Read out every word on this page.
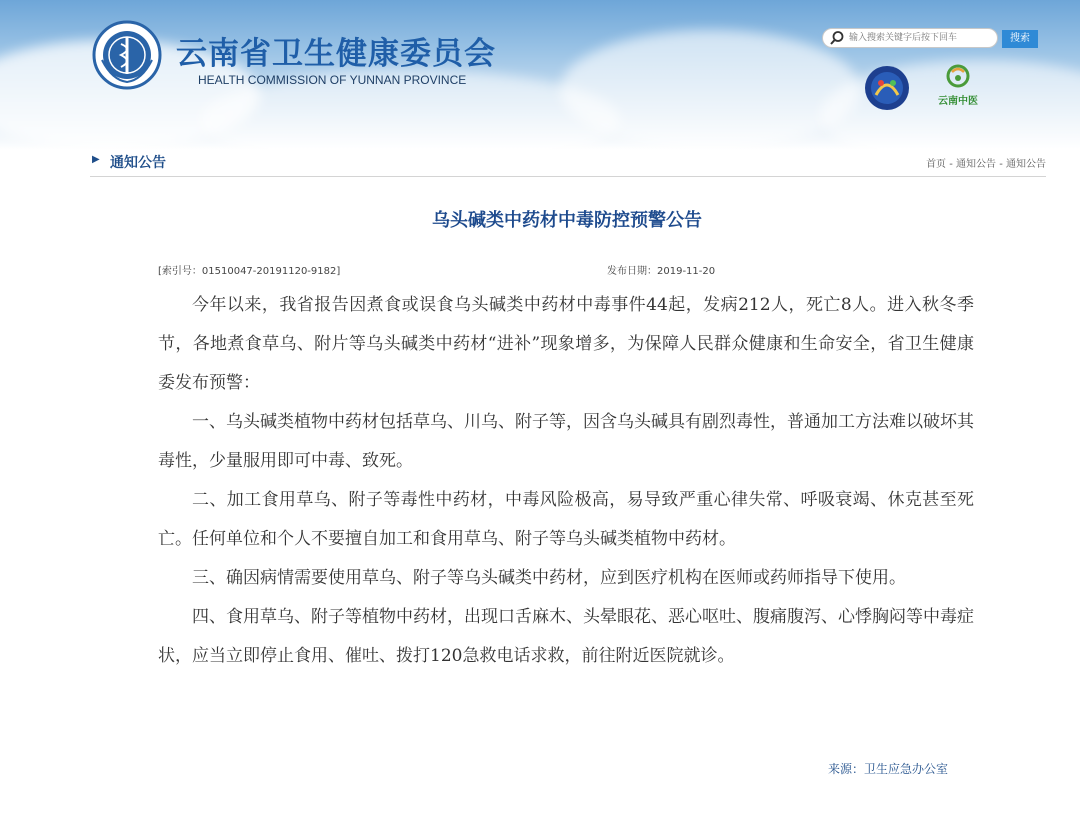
云南省卫生健康委员会
HEALTH COMMISSION OF YUNNAN PROVINCE
输入搜索关键字后按下回车
搜索
云南中医
▶ 通知公告	首页 - 通知公告 - 通知公告
乌头碱类中药材中毒防控预警公告
[索引号：01510047-20191120-9182]	发布日期：2019-11-20

今年以来，我省报告因煮食或误食乌头碱类中药材中毒事件44起，发病212人，死亡8人。进入秋冬季节，各地煮食草乌、附片等乌头碱类中药材“进补”现象增多，为保障人民群众健康和生命安全，省卫生健康委发布预警：

一、乌头碱类植物中药材包括草乌、川乌、附子等，因含乌头碱具有剧烈毒性，普通加工方法难以破坏其毒性，少量服用即可中毒、致死。

二、加工食用草乌、附子等毒性中药材，中毒风险极高，易导致严重心律失常、呼吸衰竭、休克甚至死亡。任何单位和个人不要擅自加工和食用草乌、附子等乌头碱类植物中药材。

三、确因病情需要使用草乌、附子等乌头碱类中药材，应到医疗机构在医师或药师指导下使用。

四、食用草乌、附子等植物中药材，出现口舌麻木、头晕眼花、恶心呕吐、腹痛腹泻、心悸胸闷等中毒症状，应当立即停止食用、催吐、拨打120急救电话求救，前往附近医院就诊。

来源：卫生应急办公室
